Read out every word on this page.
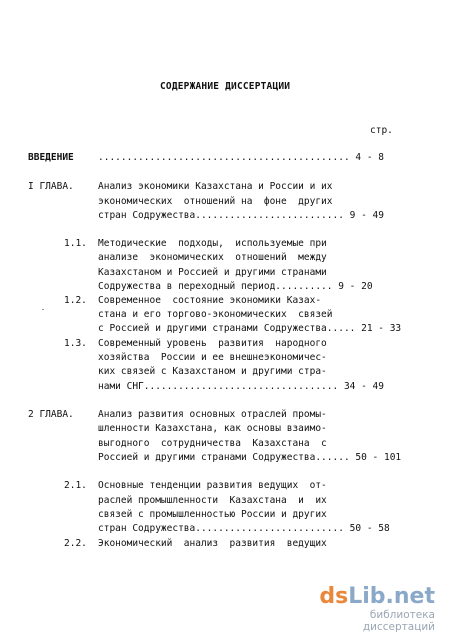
СОДЕРЖАНИЕ ДИССЕРТАЦИИ
стр.
ВВЕДЕНИЕ	............................................ 4 - 8
I ГЛАВА.	Анализ экономики Казахстана и России и их
экономических  отношений на  фоне  других
стран Содружества.......................... 9 - 49
1.1. Методические  подходы,  используемые при
анализе  экономических  отношений  между
Казахстаном и Россией и другими странами
Содружества в переходный период.......... 9 - 20
1.2. Современное  состояние экономики Казах-
стана и его торгово-экономических  связей
с Россией и другими странами Содружества..... 21 - 33
1.3. Современный уровень  развития  народного
хозяйства  России и ее внешнеэкономичес-
ких связей с Казахстаном и другими стра-
нами СНГ.................................. 34 - 49
2 ГЛАВА.	Анализ развития основных отраслей промы-
шленности Казахстана, как основы взаимо-
выгодного  сотрудничества  Казахстана  с
Россией и другими странами Содружества...... 50 - 101
2.1. Основные тенденции развития ведущих  от-
раслей промышленности  Казахстана  и  их
связей с промышленностью России и других
стран Содружества.......................... 50 - 58
2.2. Экономический  анализ  развития  ведущих
dsLib.net
библиотека диссертаций
